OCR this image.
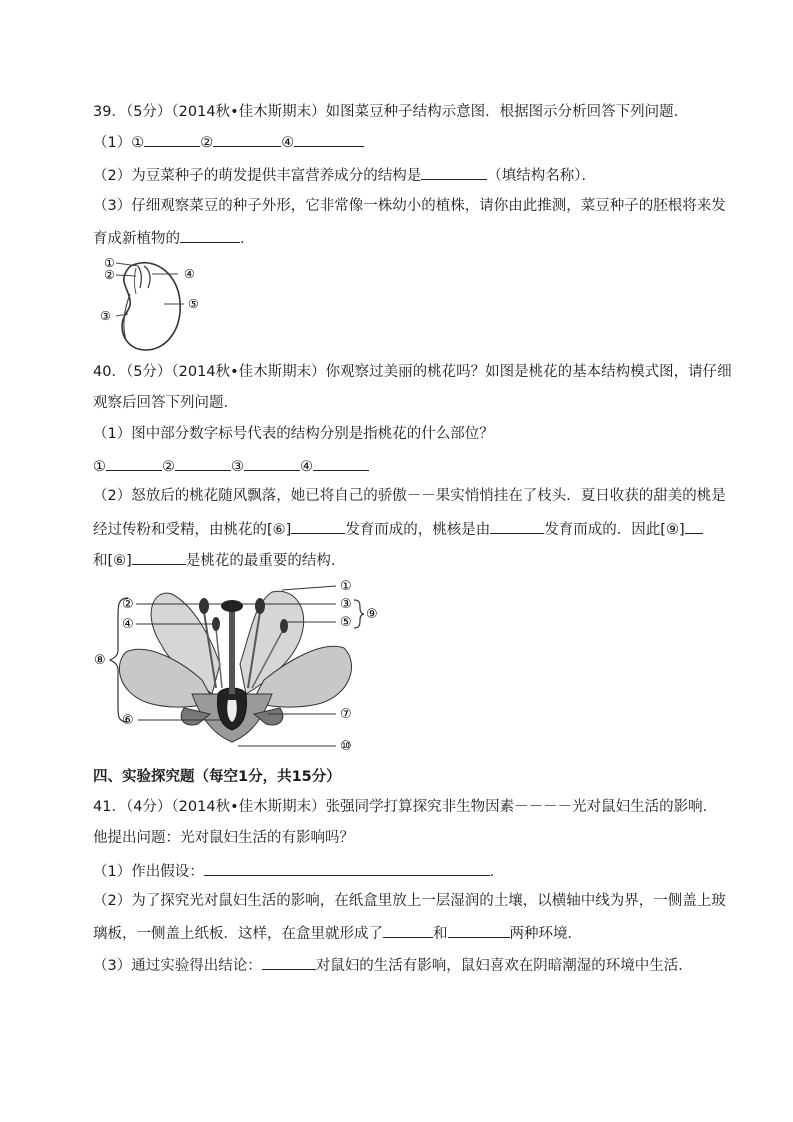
39．（5分）（2014秋•佳木斯期末）如图菜豆种子结构示意图．根据图示分析回答下列问题．
（1）①	②	④
（2）为豆菜种子的萌发提供丰富营养成分的结构是	（填结构名称）．
（3）仔细观察菜豆的种子外形，它非常像一株幼小的植株，请你由此推测，菜豆种子的胚根将来发
育成新植物的	．
①
②
③
④
⑤
40．（5分）（2014秋•佳木斯期末）你观察过美丽的桃花吗？如图是桃花的基本结构模式图，请仔细
观察后回答下列问题．
（1）图中部分数字标号代表的结构分别是指桃花的什么部位？
①	②	③	④
（2）怒放后的桃花随风飘落，她已将自己的骄傲－－果实悄悄挂在了枝头．夏日收获的甜美的桃是
经过传粉和受精，由桃花的[⑥]	发育而成的，桃核是由	发育而成的．因此[⑨]
和[⑥]	是桃花的最重要的结构．
①
②	③
④	⑤
⑥	⑦
⑧
⑨
⑩
四、实验探究题（每空1分，共15分）
41．（4分）（2014秋•佳木斯期末）张强同学打算探究非生物因素－－－－光对鼠妇生活的影响．
他提出问题：光对鼠妇生活的有影响吗？
（1）作出假设：	．
（2）为了探究光对鼠妇生活的影响，在纸盒里放上一层湿润的土壤，以横轴中线为界，一侧盖上玻
璃板，一侧盖上纸板．这样，在盒里就形成了	和	两种环境．
（3）通过实验得出结论：	对鼠妇的生活有影响，鼠妇喜欢在阴暗潮湿的环境中生活．
